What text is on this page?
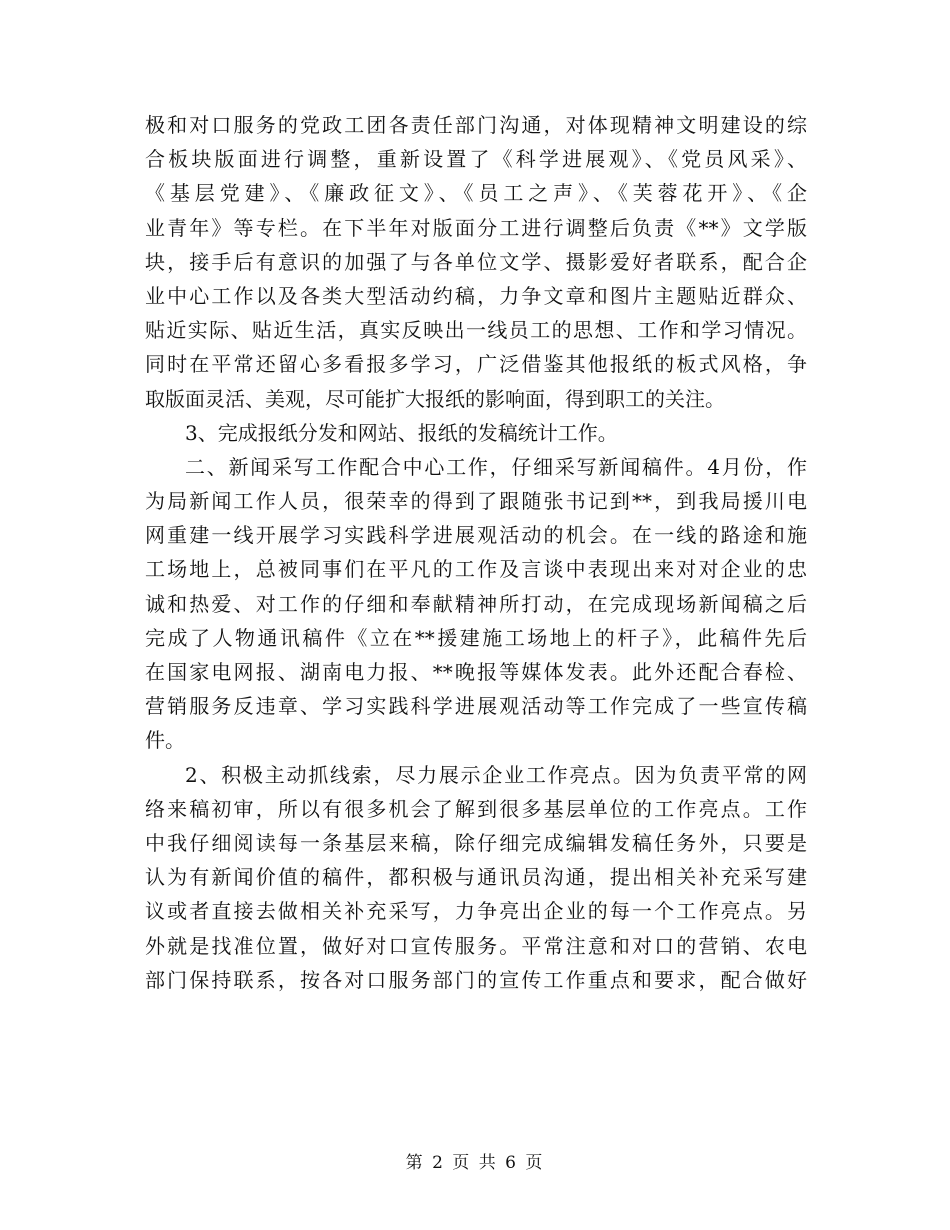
极和对口服务的党政工团各责任部门沟通，对体现精神文明建设的综
合板块版面进行调整，重新设置了《科学进展观》、《党员风采》、
《基层党建》、《廉政征文》、《员工之声》、《芙蓉花开》、《企
业青年》等专栏。在下半年对版面分工进行调整后负责《**》文学版
块，接手后有意识的加强了与各单位文学、摄影爱好者联系，配合企
业中心工作以及各类大型活动约稿，力争文章和图片主题贴近群众、
贴近实际、贴近生活，真实反映出一线员工的思想、工作和学习情况。
同时在平常还留心多看报多学习，广泛借鉴其他报纸的板式风格，争
取版面灵活、美观，尽可能扩大报纸的影响面，得到职工的关注。
3、完成报纸分发和网站、报纸的发稿统计工作。
二、新闻采写工作配合中心工作，仔细采写新闻稿件。4月份，作
为局新闻工作人员，很荣幸的得到了跟随张书记到**，到我局援川电
网重建一线开展学习实践科学进展观活动的机会。在一线的路途和施
工场地上，总被同事们在平凡的工作及言谈中表现出来对对企业的忠
诚和热爱、对工作的仔细和奉献精神所打动，在完成现场新闻稿之后
完成了人物通讯稿件《立在**援建施工场地上的杆子》，此稿件先后
在国家电网报、湖南电力报、**晚报等媒体发表。此外还配合春检、
营销服务反违章、学习实践科学进展观活动等工作完成了一些宣传稿
件。
2、积极主动抓线索，尽力展示企业工作亮点。因为负责平常的网
络来稿初审，所以有很多机会了解到很多基层单位的工作亮点。工作
中我仔细阅读每一条基层来稿，除仔细完成编辑发稿任务外，只要是
认为有新闻价值的稿件，都积极与通讯员沟通，提出相关补充采写建
议或者直接去做相关补充采写，力争亮出企业的每一个工作亮点。另
外就是找准位置，做好对口宣传服务。平常注意和对口的营销、农电
部门保持联系，按各对口服务部门的宣传工作重点和要求，配合做好
第 2 页 共 6 页
